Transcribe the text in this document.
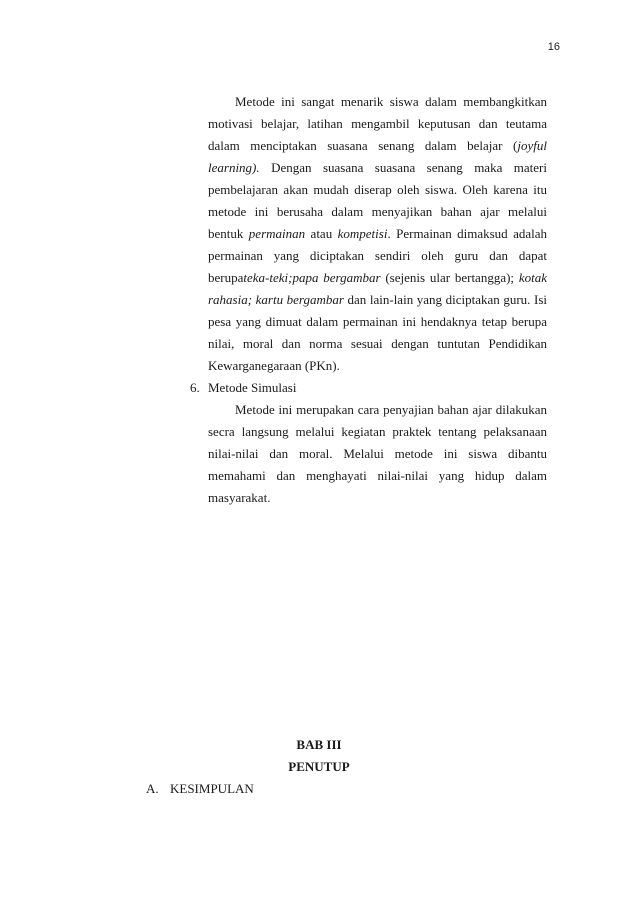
16
Metode ini sangat menarik siswa dalam membangkitkan
motivasi belajar, latihan mengambil keputusan dan teutama
dalam menciptakan suasana senang dalam belajar (joyful
learning). Dengan suasana suasana senang maka materi
pembelajaran akan mudah diserap oleh siswa. Oleh karena itu
metode ini berusaha dalam menyajikan bahan ajar melalui
bentuk permainan atau kompetisi. Permainan dimaksud adalah
permainan yang diciptakan sendiri oleh guru dan dapat
berupateka-teki;papa bergambar (sejenis ular bertangga); kotak
rahasia; kartu bergambar dan lain-lain yang diciptakan guru. Isi
pesa yang dimuat dalam permainan ini hendaknya tetap berupa
nilai, moral dan norma sesuai dengan tuntutan Pendidikan
Kewarganegaraan (PKn).
6. Metode Simulasi
Metode ini merupakan cara penyajian bahan ajar dilakukan
secra langsung melalui kegiatan praktek tentang pelaksanaan
nilai-nilai dan moral. Melalui metode ini siswa dibantu
memahami dan menghayati nilai-nilai yang hidup dalam
masyarakat.
BAB III
PENUTUP
A. KESIMPULAN
